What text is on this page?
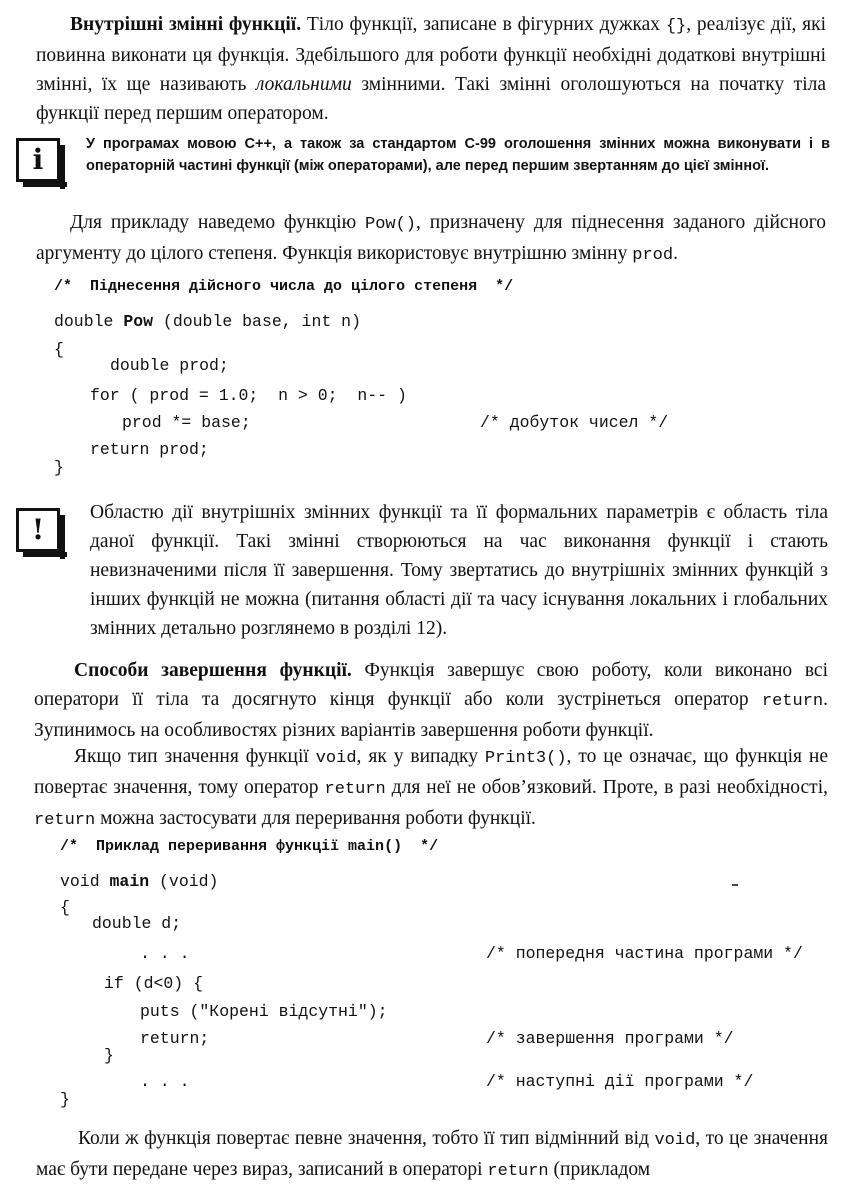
Внутрішні змінні функції. Тіло функції, записане в фігурних дужках {}, реалізує дії, які повинна виконати ця функція. Здебільшого для роботи функції необхідні додаткові внутрішні змінні, їх ще називають локальними змінними. Такі змінні оголошуються на початку тіла функції перед першим оператором.

i	У програмах мовою С++, а також за стандартом С-99 оголошення змінних можна виконувати і в операторній частині функції (між операторами), але перед першим звертанням до цієї змінної.

Для прикладу наведемо функцію Pow(), призначену для піднесення заданого дійсного аргументу до цілого степеня. Функція використовує внутрішню змінну prod.

/*  Піднесення дійсного числа до цілого степеня  */
double Pow (double base, int n)
{
double prod;
for ( prod = 1.0;  n > 0;  n-- )
prod *= base;	/* добуток чисел */
return prod;
}
!

Областю дії внутрішніх змінних функції та її формальних параметрів є область тіла даної функції. Такі змінні створюються на час виконання функції і стають невизначеними після її завершення. Тому звертатись до внутрішніх змінних функцій з інших функцій не можна (питання області дії та часу існування локальних і глобальних змінних детально розглянемо в розділі 12).

Способи завершення функції. Функція завершує свою роботу, коли виконано всі оператори її тіла та досягнуто кінця функції або коли зустрінеться оператор return. Зупинимось на особливостях різних варіантів завершення роботи функції.

Якщо тип значення функції void, як у випадку Print3(), то це означає, що функція не повертає значення, тому оператор return для неї не обов’язковий. Проте, в разі необхідності, return можна застосувати для переривання роботи функції.

/*  Приклад переривання функції main()  */
void main (void)
{
double d;
. . .	/* попередня частина програми */
if (d<0) {
puts ("Корені відсутні");
return;	/* завершення програми */
}
. . .	/* наступні дії програми */
}

Коли ж функція повертає певне значення, тобто її тип відмінний від void, то це значення має бути передане через вираз, записаний в операторі return (прикладом
